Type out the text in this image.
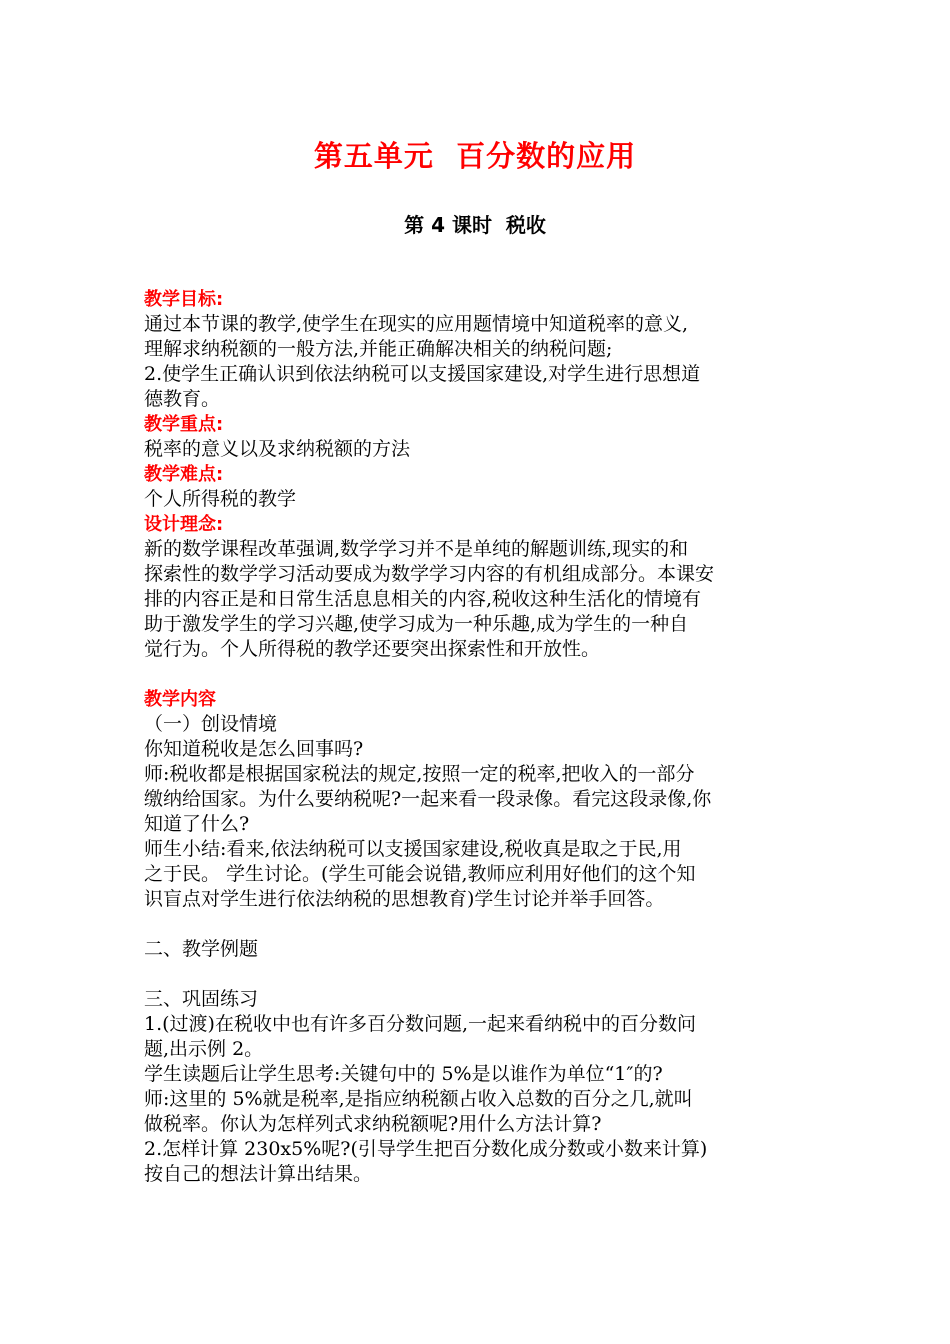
第五单元  百分数的应用
第 4 课时  税收
教学目标:
通过本节课的教学,使学生在现实的应用题情境中知道税率的意义,
理解求纳税额的一般方法,并能正确解决相关的纳税问题;
2.使学生正确认识到依法纳税可以支援国家建设,对学生进行思想道
德教育。
教学重点:
税率的意义以及求纳税额的方法
教学难点:
个人所得税的教学
设计理念:
新的数学课程改革强调,数学学习并不是单纯的解题训练,现实的和
探索性的数学学习活动要成为数学学习内容的有机组成部分。本课安
排的内容正是和日常生活息息相关的内容,税收这种生活化的情境有
助于激发学生的学习兴趣,使学习成为一种乐趣,成为学生的一种自
觉行为。个人所得税的教学还要突出探索性和开放性。
教学内容
（一）创设情境
你知道税收是怎么回事吗?
师:税收都是根据国家税法的规定,按照一定的税率,把收入的一部分
缴纳给国家。为什么要纳税呢?一起来看一段录像。看完这段录像,你
知道了什么?
师生小结:看来,依法纳税可以支援国家建设,税收真是取之于民,用
之于民。 学生讨论。(学生可能会说错,教师应利用好他们的这个知
识盲点对学生进行依法纳税的思想教育)学生讨论并举手回答。
二、教学例题
三、巩固练习
1.(过渡)在税收中也有许多百分数问题,一起来看纳税中的百分数问
题,出示例 2。
学生读题后让学生思考:关键句中的 5%是以谁作为单位“1″的?
师:这里的 5%就是税率,是指应纳税额占收入总数的百分之几,就叫
做税率。你认为怎样列式求纳税额呢?用什么方法计算?
2.怎样计算 230x5%呢?(引导学生把百分数化成分数或小数来计算)
按自己的想法计算出结果。
